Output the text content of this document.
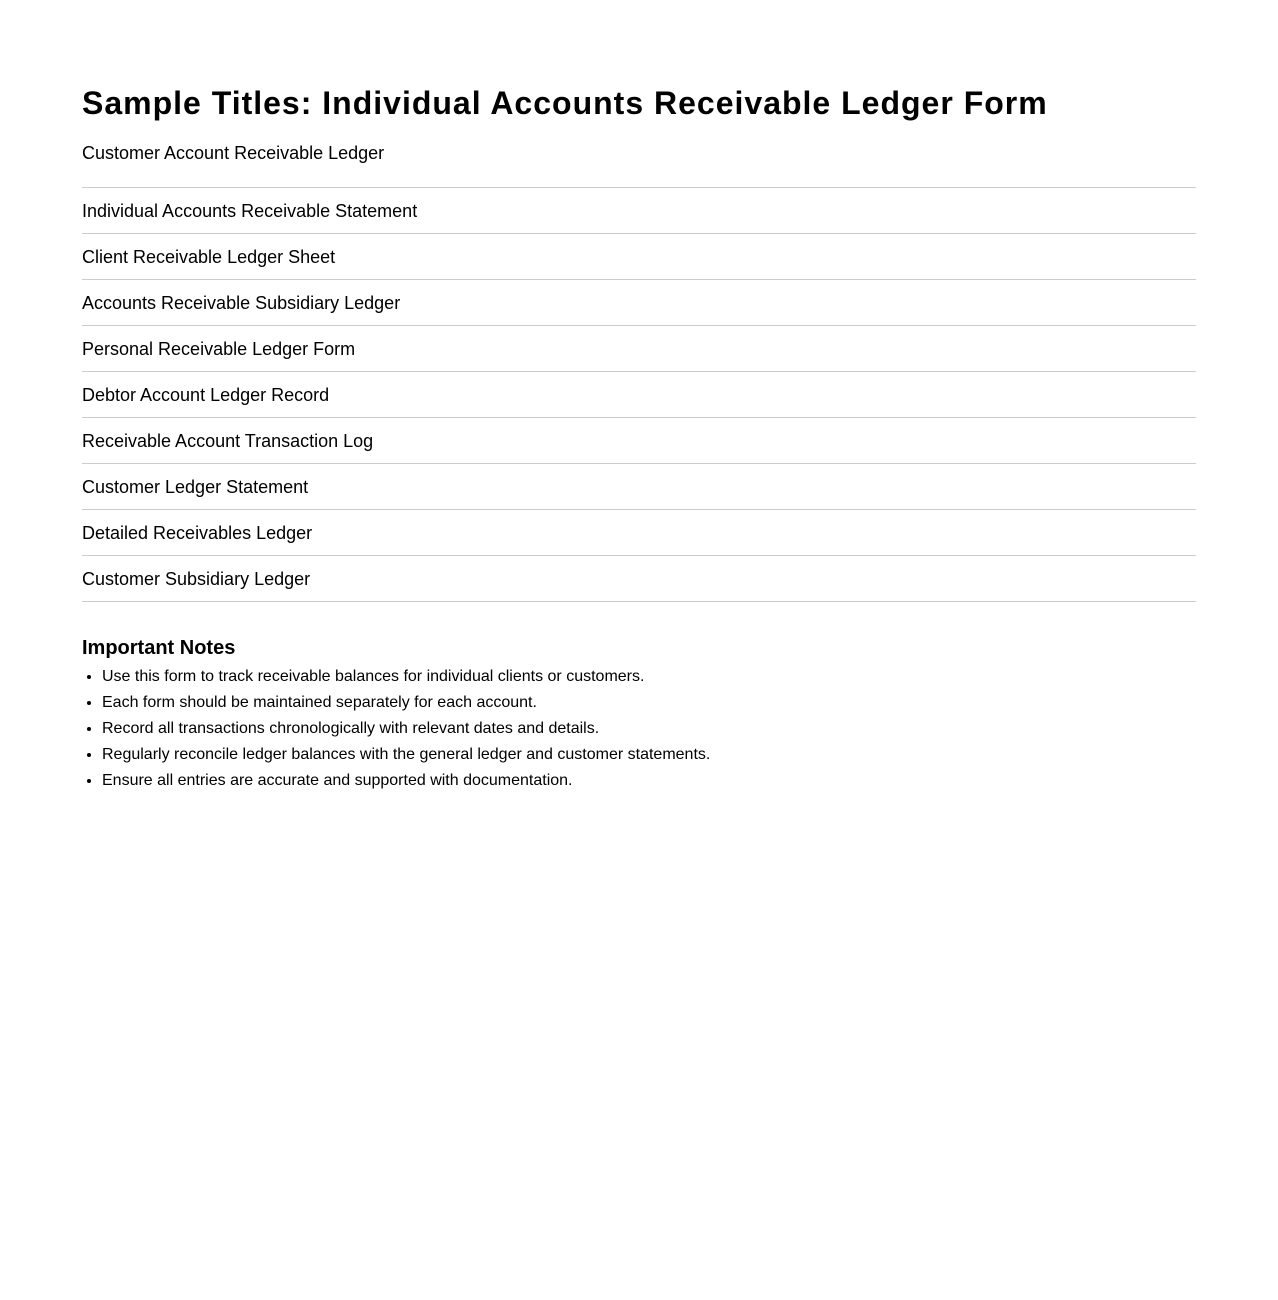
Sample Titles: Individual Accounts Receivable Ledger Form
Customer Account Receivable Ledger
Individual Accounts Receivable Statement
Client Receivable Ledger Sheet
Accounts Receivable Subsidiary Ledger
Personal Receivable Ledger Form
Debtor Account Ledger Record
Receivable Account Transaction Log
Customer Ledger Statement
Detailed Receivables Ledger
Customer Subsidiary Ledger
Important Notes
• Use this form to track receivable balances for individual clients or customers.
• Each form should be maintained separately for each account.
• Record all transactions chronologically with relevant dates and details.
• Regularly reconcile ledger balances with the general ledger and customer statements.
• Ensure all entries are accurate and supported with documentation.
